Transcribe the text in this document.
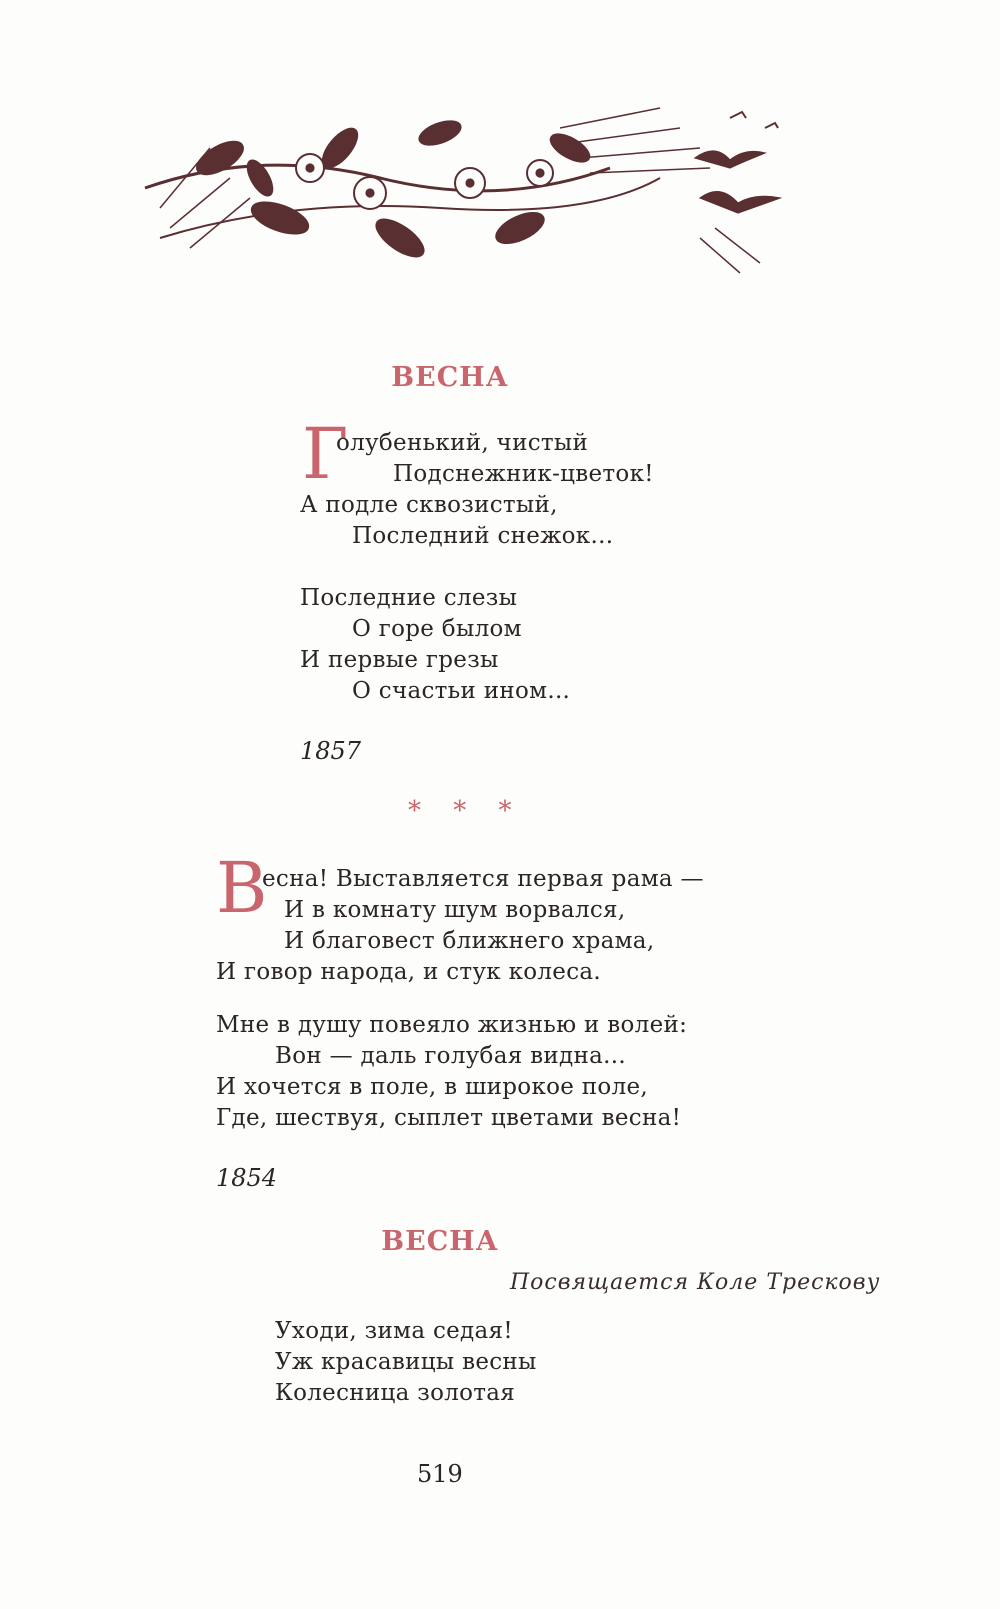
ВЕСНА
Г
олубенький, чистый
Подснежник-цветок!
А подле сквозистый,
Последний снежок...
Последние слезы
О горе былом
И первые грезы
О счастьи ином...
1857
* * *
В
есна! Выставляется первая рама —
И в комнату шум ворвался,
И благовест ближнего храма,
И говор народа, и стук колеса.
Мне в душу повеяло жизнью и волей:
Вон — даль голубая видна...
И хочется в поле, в широкое поле,
Где, шествуя, сыплет цветами весна!
1854
ВЕСНА
Посвящается Коле Трескову
Уходи, зима седая!
Уж красавицы весны
Колесница золотая
519
